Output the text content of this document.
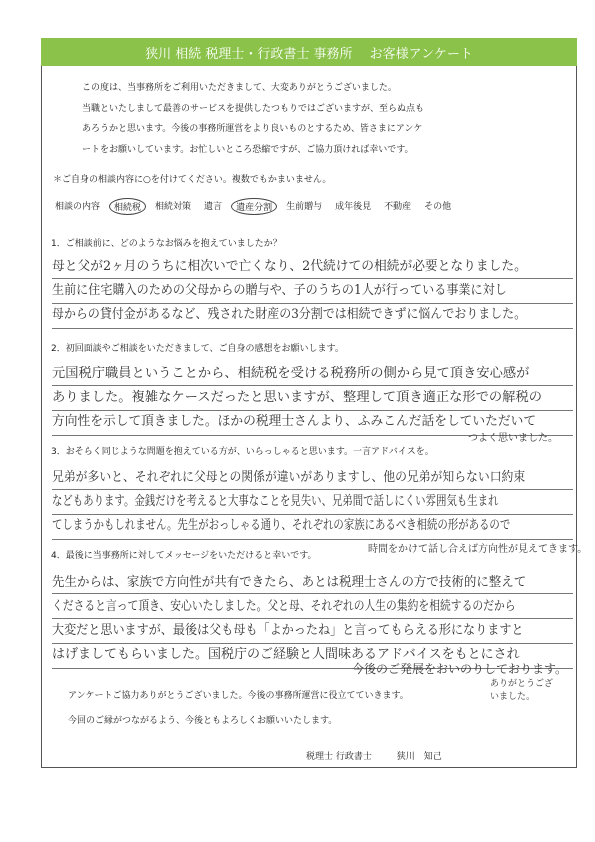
狭川 相続 税理士・行政書士 事務所　 お客様アンケート
この度は、当事務所をご利用いただきまして、大変ありがとうございました。
当職といたしまして最善のサービスを提供したつもりではございますが、至らぬ点も
あろうかと思います。今後の事務所運営をより良いものとするため、皆さまにアンケ
ートをお願いしています。お忙しいところ恐縮ですが、ご協力頂ければ幸いです。
＊ご自身の相談内容に○を付けてください。複数でもかまいません。
相談の内容	相続税	相続対策 遺言	遺産分割	生前贈与 成年後見 不動産 その他
1．ご相談前に、どのようなお悩みを抱えていましたか？
母と父が2ヶ月のうちに相次いで亡くなり、2代続けての相続が必要となりました。
生前に住宅購入のための父母からの贈与や、子のうちの1人が行っている事業に対し
母からの貸付金があるなど、残された財産の3分割では相続できずに悩んでおりました。
2．初回面談やご相談をいただきまして、ご自身の感想をお願いします。
元国税庁職員ということから、相続税を受ける税務所の側から見て頂き安心感が
ありました。複雑なケースだったと思いますが、整理して頂き適正な形での解税の
方向性を示して頂きました。ほかの税理士さんより、ふみこんだ話をしていただいて
つよく思いました。
3．おそらく同じような問題を抱えている方が、いらっしゃると思います。一言アドバイスを。
兄弟が多いと、それぞれに父母との関係が違いがありますし、他の兄弟が知らない口約束
などもあります。金銭だけを考えると大事なことを見失い、兄弟間で話しにくい雰囲気も生まれ
てしまうかもしれません。先生がおっしゃる通り、それぞれの家族にあるべき相続の形があるので
時間をかけて話し合えば方向性が見えてきます。
4．最後に当事務所に対してメッセージをいただけると幸いです。
先生からは、家族で方向性が共有できたら、あとは税理士さんの方で技術的に整えて
くださると言って頂き、安心いたしました。父と母、それぞれの人生の集約を相続するのだから
大変だと思いますが、最後は父も母も「よかったね」と言ってもらえる形になりますと
はげましてもらいました。国税庁のご経験と人間味あるアドバイスをもとにされ
今後のご発展をおいのりしております。
ありがとうございました。
アンケートご協力ありがとうございました。今後の事務所運営に役立てていきます。
今回のご縁がつながるよう、今後ともよろしくお願いいたします。
税理士 行政書士	狭川　知己
